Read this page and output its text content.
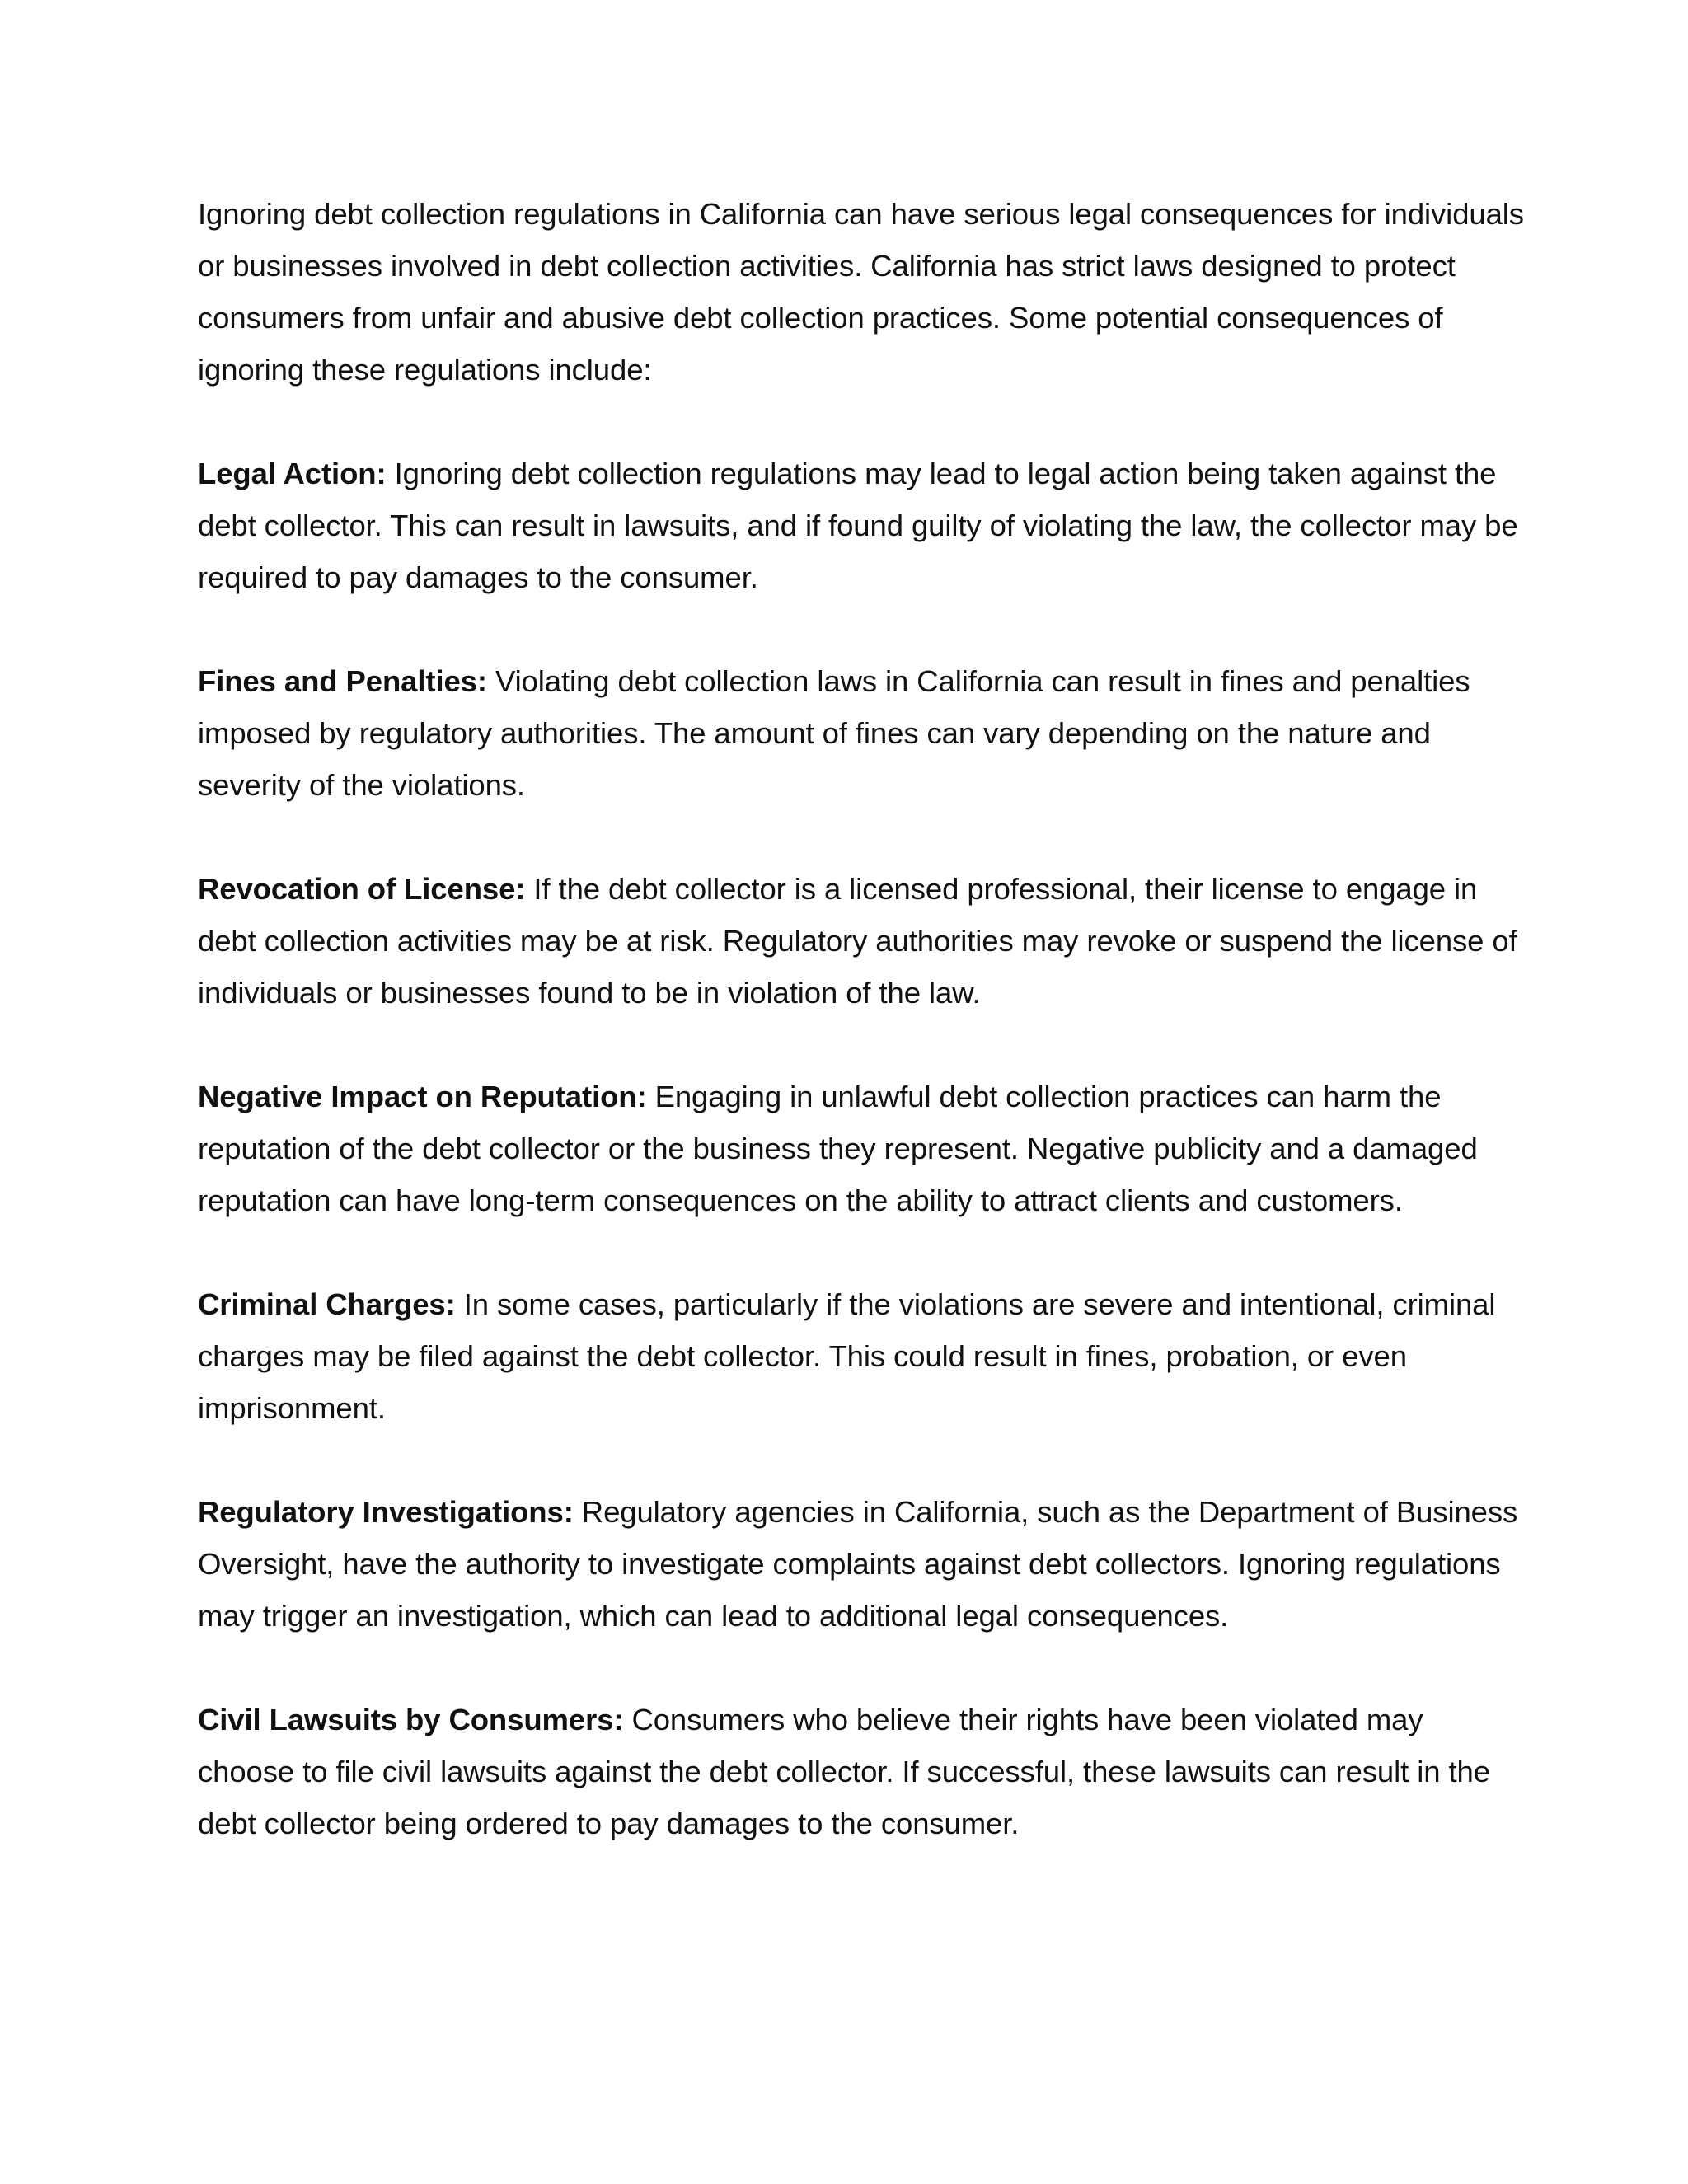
Ignoring debt collection regulations in California can have serious legal consequences for individuals or businesses involved in debt collection activities. California has strict laws designed to protect consumers from unfair and abusive debt collection practices. Some potential consequences of ignoring these regulations include:

Legal Action: Ignoring debt collection regulations may lead to legal action being taken against the debt collector. This can result in lawsuits, and if found guilty of violating the law, the collector may be required to pay damages to the consumer.

Fines and Penalties: Violating debt collection laws in California can result in fines and penalties imposed by regulatory authorities. The amount of fines can vary depending on the nature and severity of the violations.

Revocation of License: If the debt collector is a licensed professional, their license to engage in debt collection activities may be at risk. Regulatory authorities may revoke or suspend the license of individuals or businesses found to be in violation of the law.

Negative Impact on Reputation: Engaging in unlawful debt collection practices can harm the reputation of the debt collector or the business they represent. Negative publicity and a damaged reputation can have long-term consequences on the ability to attract clients and customers.

Criminal Charges: In some cases, particularly if the violations are severe and intentional, criminal charges may be filed against the debt collector. This could result in fines, probation, or even imprisonment.

Regulatory Investigations: Regulatory agencies in California, such as the Department of Business Oversight, have the authority to investigate complaints against debt collectors. Ignoring regulations may trigger an investigation, which can lead to additional legal consequences.

Civil Lawsuits by Consumers: Consumers who believe their rights have been violated may choose to file civil lawsuits against the debt collector. If successful, these lawsuits can result in the debt collector being ordered to pay damages to the consumer.
